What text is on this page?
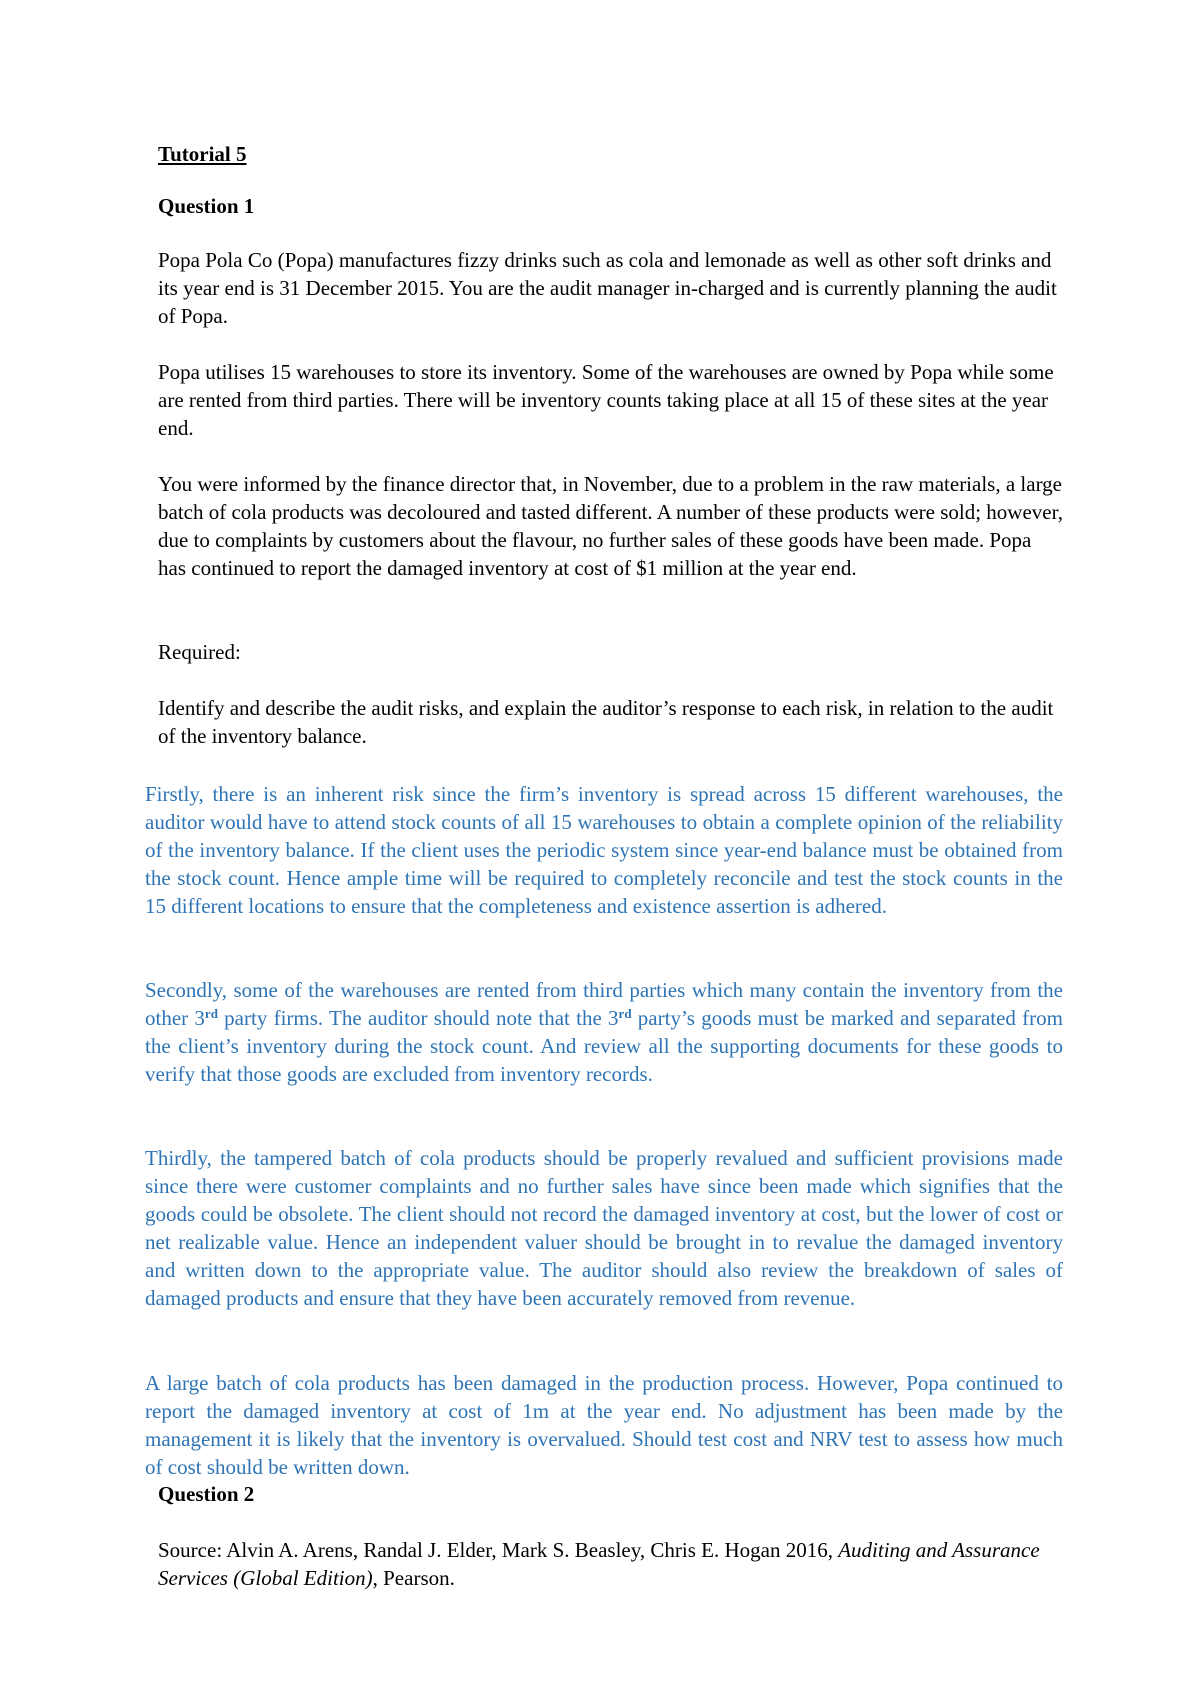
Tutorial 5

Question 1

Popa Pola Co (Popa) manufactures fizzy drinks such as cola and lemonade as well as other soft drinks and its year end is 31 December 2015. You are the audit manager in-charged and is currently planning the audit of Popa.

Popa utilises 15 warehouses to store its inventory. Some of the warehouses are owned by Popa while some are rented from third parties. There will be inventory counts taking place at all 15 of these sites at the year end.

You were informed by the finance director that, in November, due to a problem in the raw materials, a large batch of cola products was decoloured and tasted different. A number of these products were sold; however, due to complaints by customers about the flavour, no further sales of these goods have been made. Popa has continued to report the damaged inventory at cost of $1 million at the year end.

Required:

Identify and describe the audit risks, and explain the auditor’s response to each risk, in relation to the audit of the inventory balance.

Firstly, there is an inherent risk since the firm’s inventory is spread across 15 different warehouses, the auditor would have to attend stock counts of all 15 warehouses to obtain a complete opinion of the reliability of the inventory balance. If the client uses the periodic system since year-end balance must be obtained from the stock count. Hence ample time will be required to completely reconcile and test the stock counts in the 15 different locations to ensure that the completeness and existence assertion is adhered.

Secondly, some of the warehouses are rented from third parties which many contain the inventory from the other 3rd party firms. The auditor should note that the 3rd party’s goods must be marked and separated from the client’s inventory during the stock count. And review all the supporting documents for these goods to verify that those goods are excluded from inventory records.

Thirdly, the tampered batch of cola products should be properly revalued and sufficient provisions made since there were customer complaints and no further sales have since been made which signifies that the goods could be obsolete. The client should not record the damaged inventory at cost, but the lower of cost or net realizable value. Hence an independent valuer should be brought in to revalue the damaged inventory and written down to the appropriate value. The auditor should also review the breakdown of sales of damaged products and ensure that they have been accurately removed from revenue.

A large batch of cola products has been damaged in the production process. However, Popa continued to report the damaged inventory at cost of 1m at the year end. No adjustment has been made by the management it is likely that the inventory is overvalued. Should test cost and NRV test to assess how much of cost should be written down.

Question 2

Source: Alvin A. Arens, Randal J. Elder, Mark S. Beasley, Chris E. Hogan 2016, Auditing and Assurance Services (Global Edition), Pearson.
